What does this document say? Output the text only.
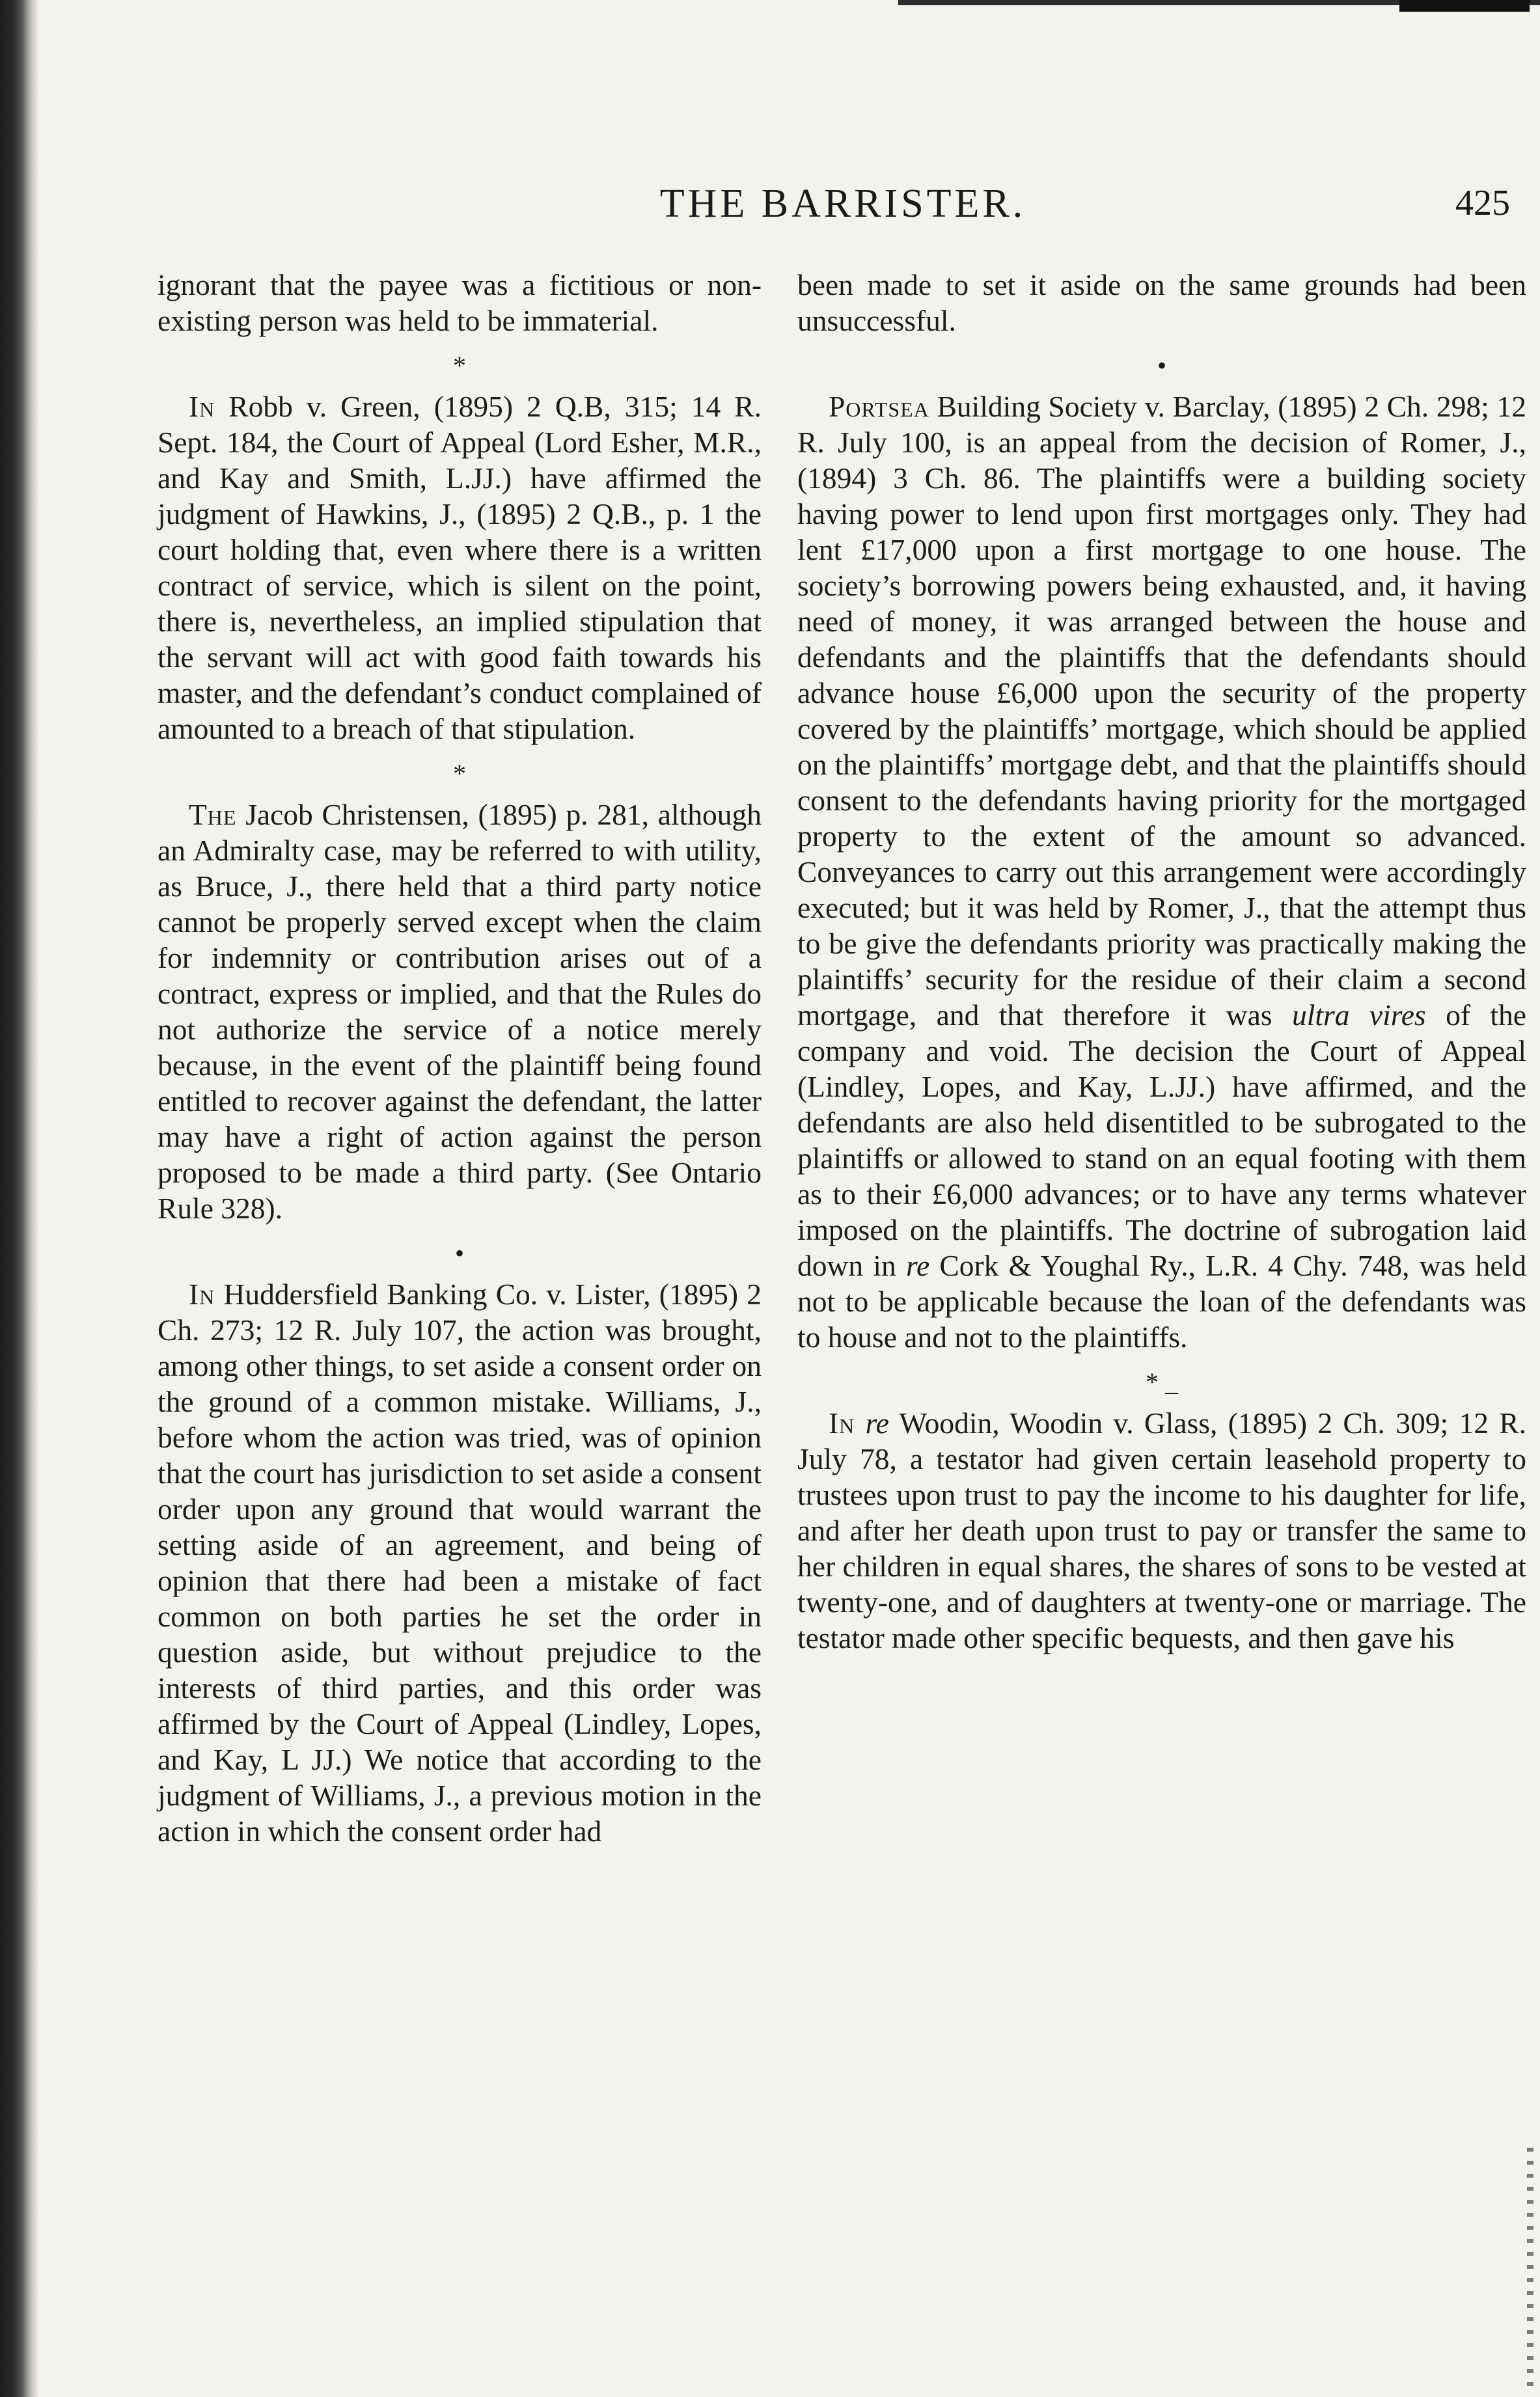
THE BARRISTER.	425

ignorant that the payee was a fictitious or non-existing person was held to be immaterial.

*

In Robb v. Green, (1895) 2 Q.B, 315; 14 R. Sept. 184, the Court of Appeal (Lord Esher, M.R., and Kay and Smith, L.JJ.) have affirmed the judgment of Hawkins, J., (1895) 2 Q.B., p. 1 the court holding that, even where there is a written contract of service, which is silent on the point, there is, nevertheless, an implied stipulation that the servant will act with good faith towards his master, and the defendant’s conduct complained of amounted to a breach of that stipulation.

*

The Jacob Christensen, (1895) p. 281, although an Admiralty case, may be referred to with utility, as Bruce, J., there held that a third party notice cannot be properly served except when the claim for indemnity or contribution arises out of a contract, express or implied, and that the Rules do not authorize the service of a notice merely because, in the event of the plaintiff being found entitled to recover against the defendant, the latter may have a right of action against the person proposed to be made a third party. (See Ontario Rule 328).

•

In Huddersfield Banking Co. v. Lister, (1895) 2 Ch. 273; 12 R. July 107, the action was brought, among other things, to set aside a consent order on the ground of a common mistake. Williams, J., before whom the action was tried, was of opinion that the court has jurisdiction to set aside a consent order upon any ground that would warrant the setting aside of an agreement, and being of opinion that there had been a mistake of fact common on both parties he set the order in question aside, but without prejudice to the interests of third parties, and this order was affirmed by the Court of Appeal (Lindley, Lopes, and Kay, L JJ.) We notice that according to the judgment of Williams, J., a previous motion in the action in which the consent order had

been made to set it aside on the same grounds had been unsuccessful.

•

Portsea Building Society v. Barclay, (1895) 2 Ch. 298; 12 R. July 100, is an appeal from the decision of Romer, J.,(1894) 3 Ch. 86. The plaintiffs were a building society having power to lend upon first mortgages only. They had lent £17,000 upon a first mortgage to one house. The society’s borrowing powers being exhausted, and, it having need of money, it was arranged between the house and defendants and the plaintiffs that the defendants should advance house £6,000 upon the security of the property covered by the plaintiffs’ mortgage, which should be applied on the plaintiffs’ mortgage debt, and that the plaintiffs should consent to the defendants having priority for the mortgaged property to the extent of the amount so advanced. Conveyances to carry out this arrangement were accordingly executed; but it was held by Romer, J., that the attempt thus to be give the defendants priority was practically making the plaintiffs’ security for the residue of their claim a second mortgage, and that therefore it was ultra vires of the company and void. The decision the Court of Appeal (Lindley, Lopes, and Kay, L.JJ.) have affirmed, and the defendants are also held disentitled to be subrogated to the plaintiffs or allowed to stand on an equal footing with them as to their £6,000 advances; or to have any terms whatever imposed on the plaintiffs. The doctrine of subrogation laid down in re Cork & Youghal Ry., L.R. 4 Chy. 748, was held not to be applicable because the loan of the defendants was to house and not to the plaintiffs.

* _

In re Woodin, Woodin v. Glass, (1895) 2 Ch. 309; 12 R. July 78, a testator had given certain leasehold property to trustees upon trust to pay the income to his daughter for life, and after her death upon trust to pay or transfer the same to her children in equal shares, the shares of sons to be vested at twenty-one, and of daughters at twenty-one or marriage. The testator made other specific bequests, and then gave his
